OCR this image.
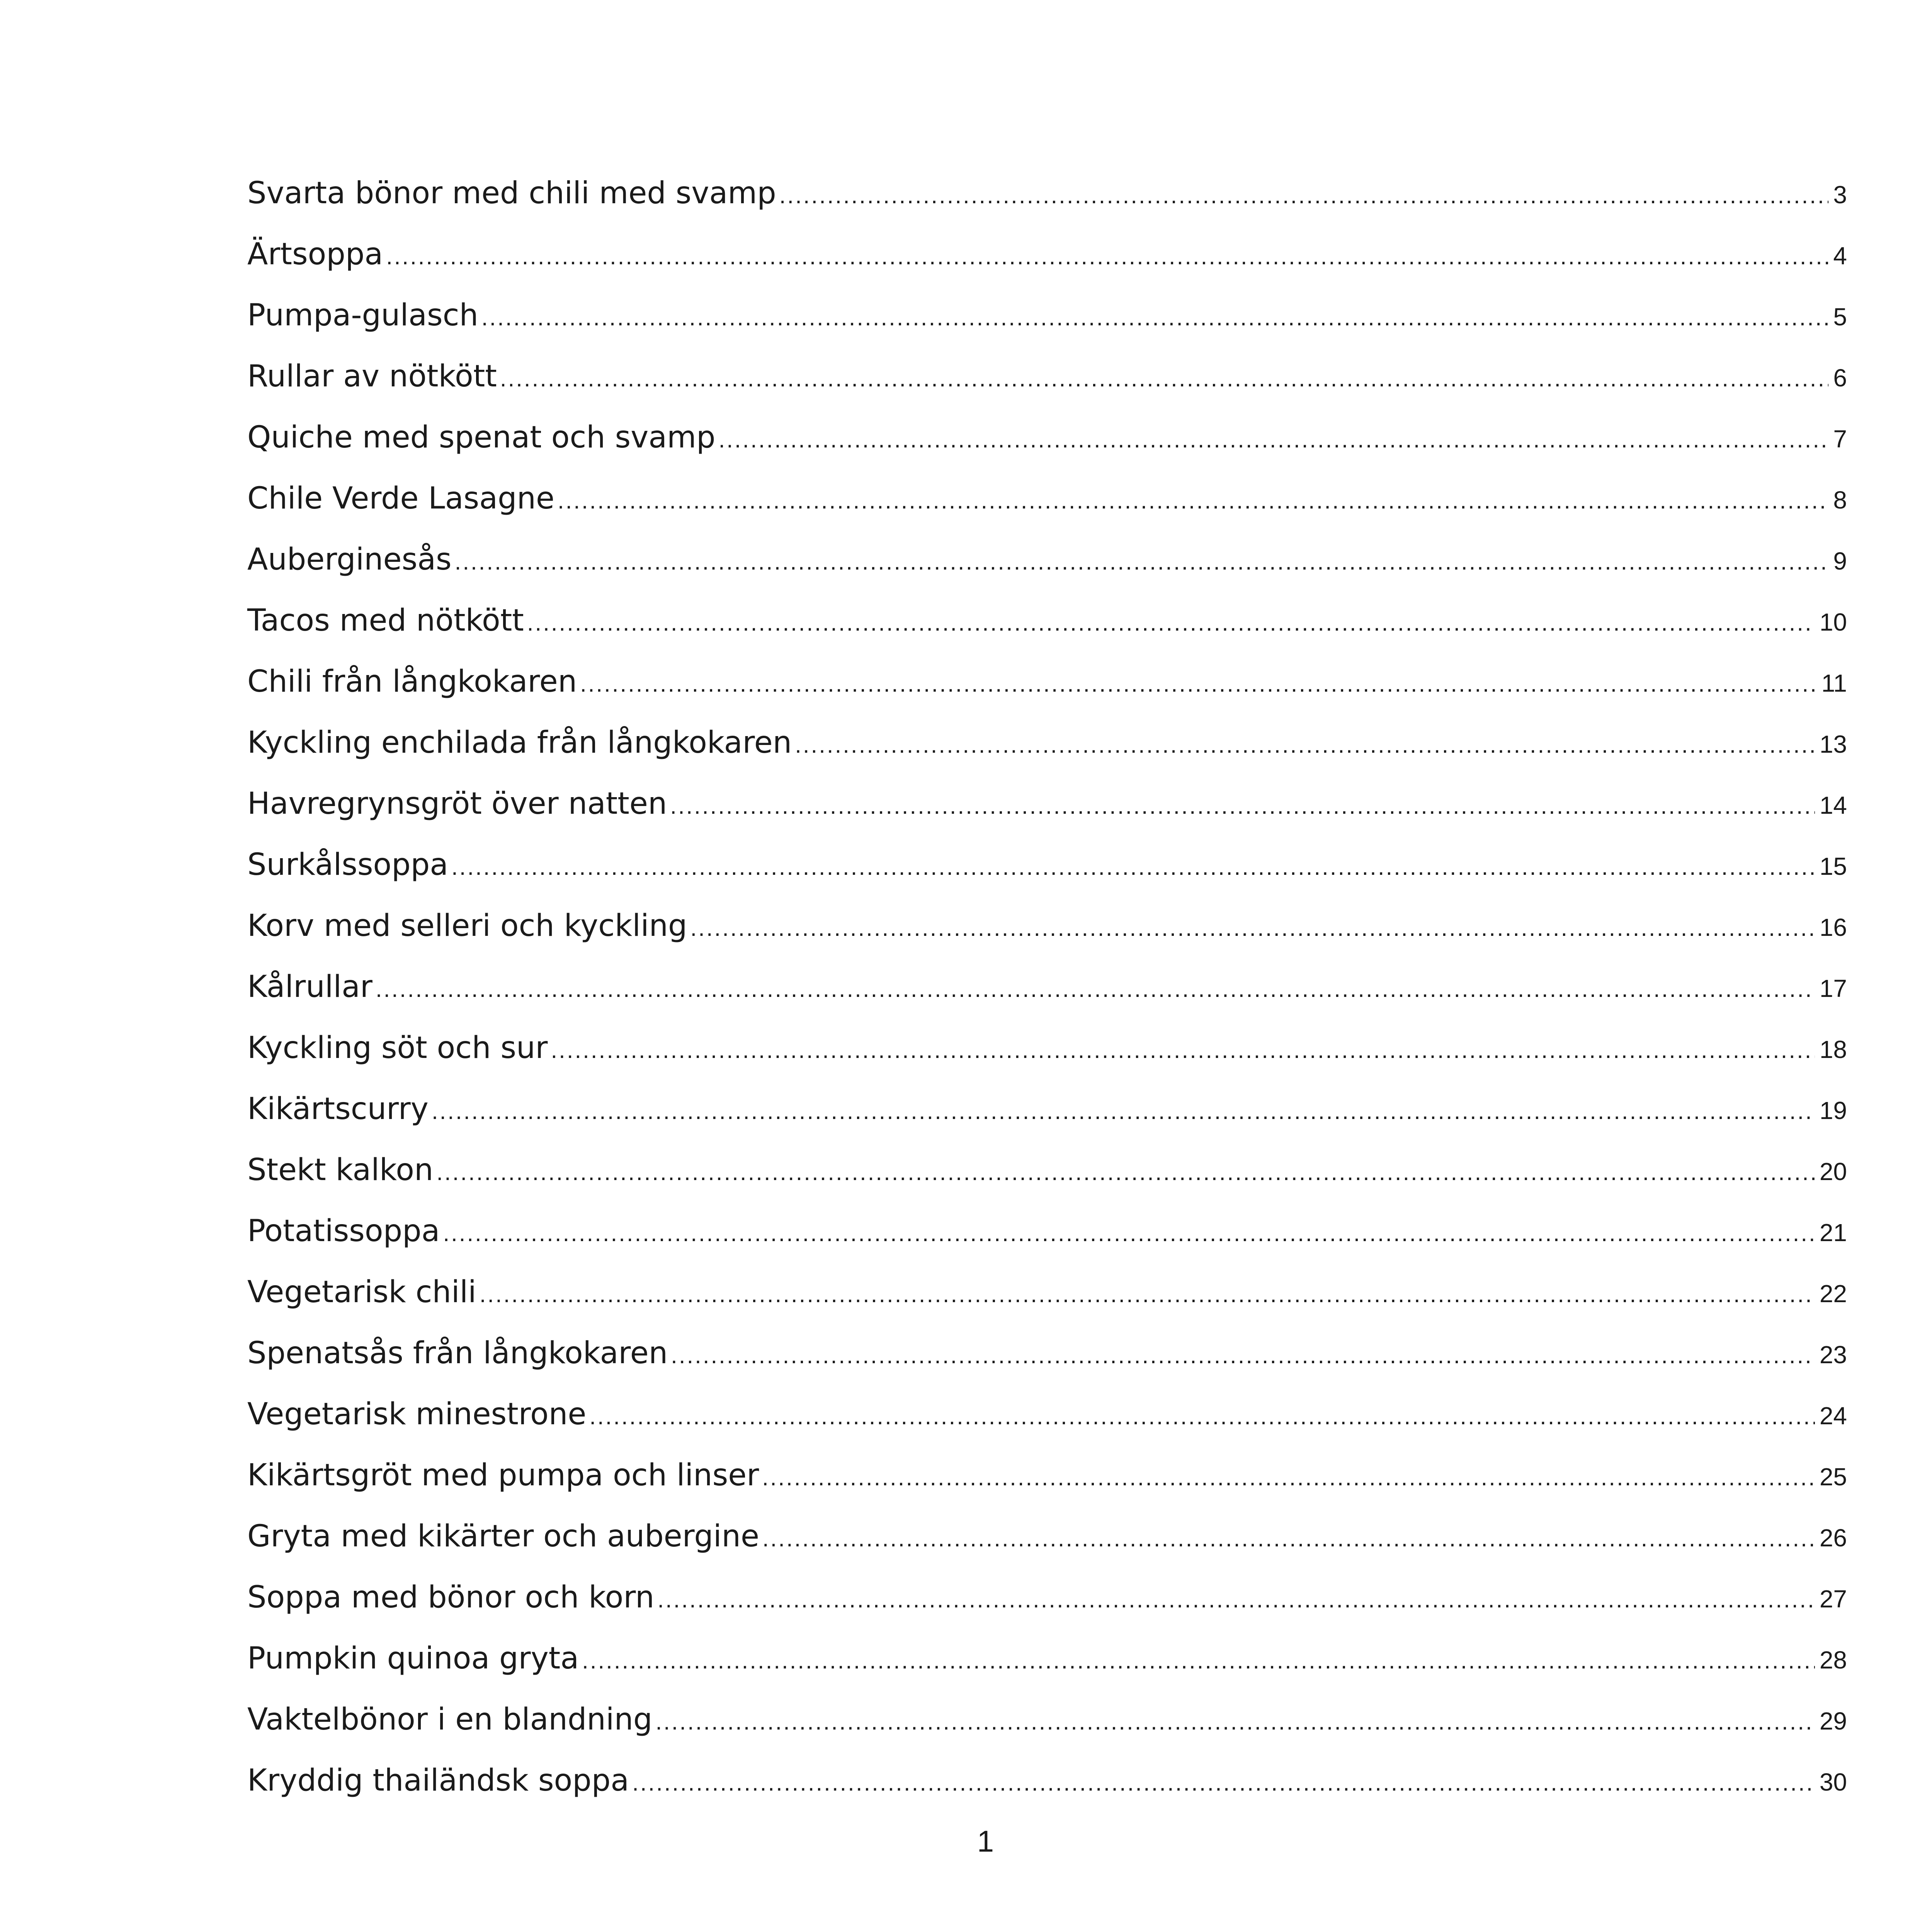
Svarta bönor med chili med svamp .....	3
Ärtsoppa .....	4
Pumpa-gulasch .....	5
Rullar av nötkött .....	6
Quiche med spenat och svamp .....	7
Chile Verde Lasagne .....	8
Auberginesås .....	9
Tacos med nötkött .....	10
Chili från långkokaren .....	11
Kyckling enchilada från långkokaren .....	13
Havregrynsgröt över natten .....	14
Surkålssoppa .....	15
Korv med selleri och kyckling .....	16
Kålrullar .....	17
Kyckling söt och sur .....	18
Kikärtscurry .....	19
Stekt kalkon .....	20
Potatissoppa .....	21
Vegetarisk chili .....	22
Spenatsås från långkokaren .....	23
Vegetarisk minestrone .....	24
Kikärtsgröt med pumpa och linser .....	25
Gryta med kikärter och aubergine .....	26
Soppa med bönor och korn .....	27
Pumpkin quinoa gryta .....	28
Vaktelbönor i en blandning .....	29
Kryddig thailändsk soppa .....	30
1
